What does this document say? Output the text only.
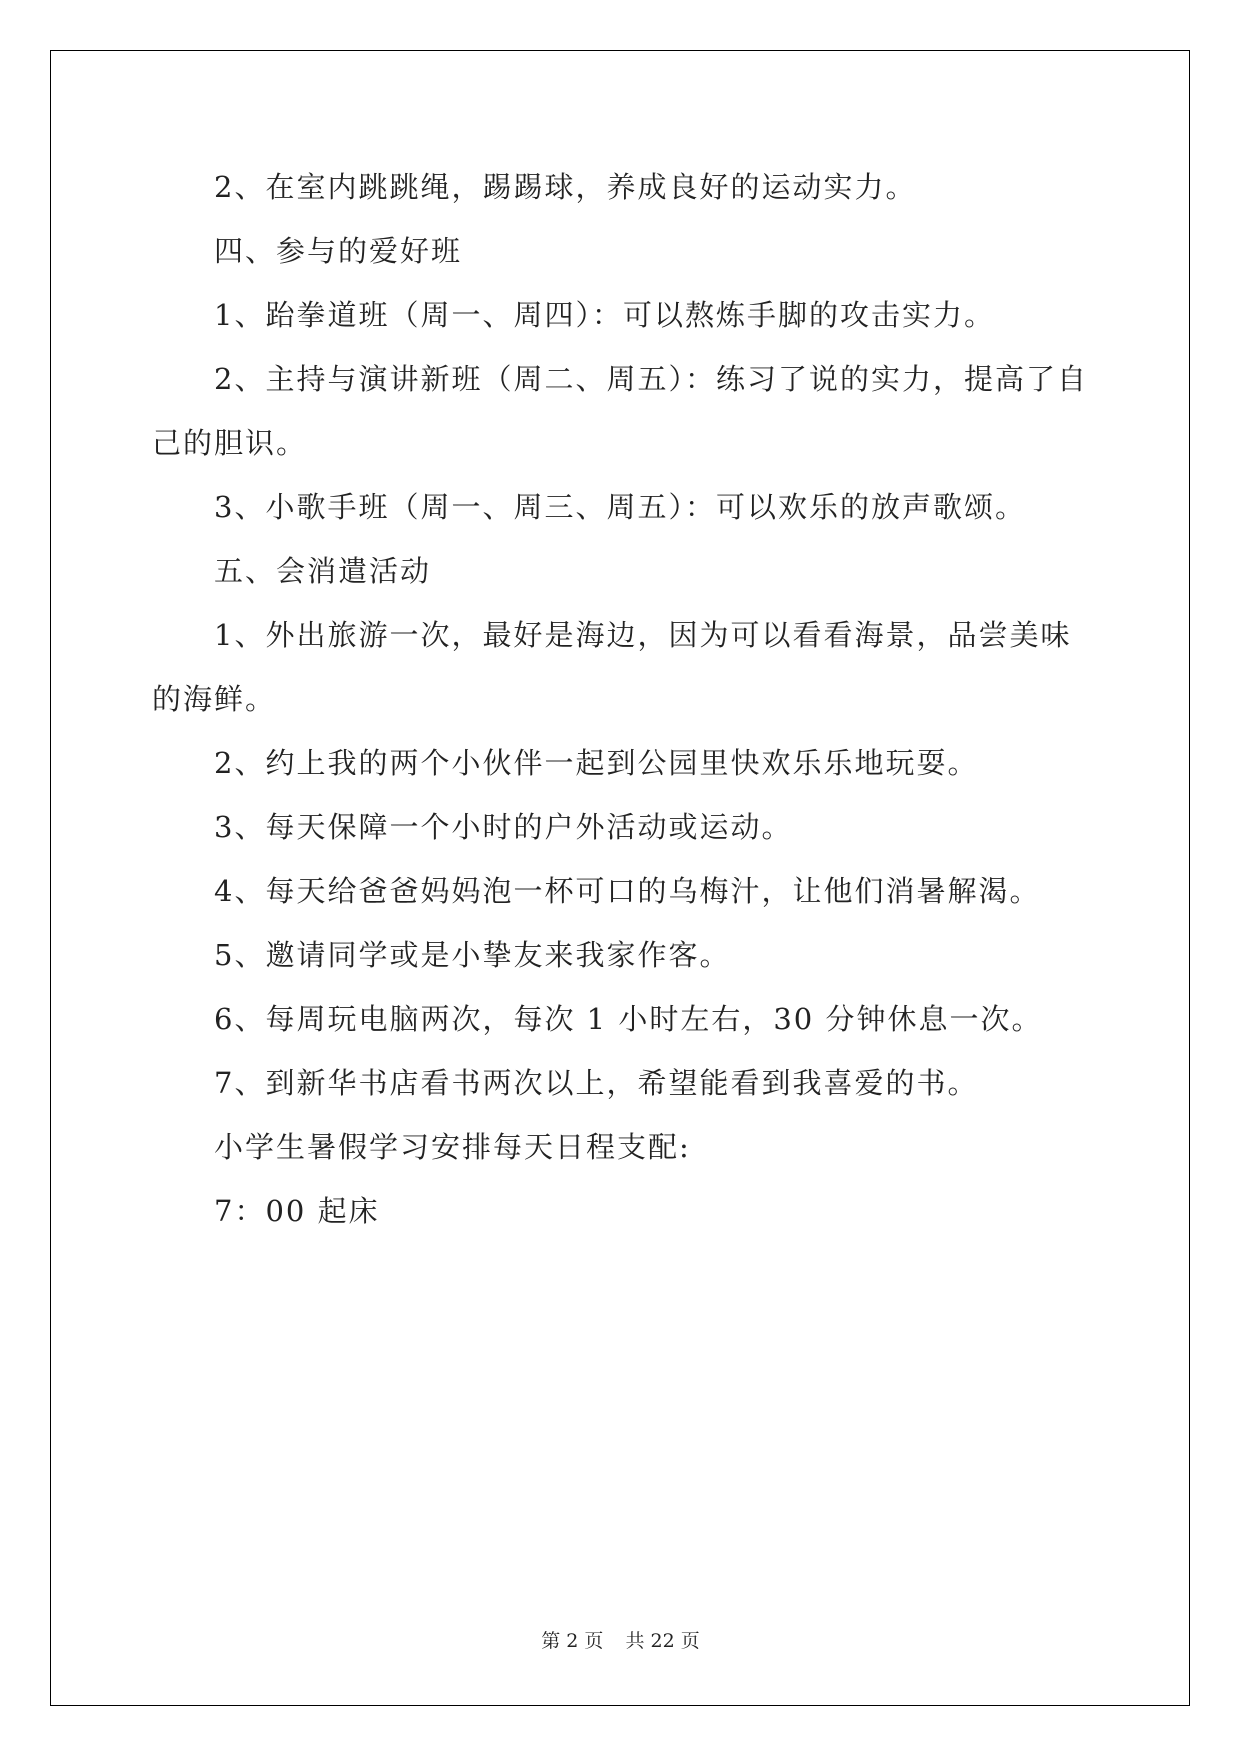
2、在室内跳跳绳，踢踢球，养成良好的运动实力。

四、参与的爱好班

1、跆拳道班（周一、周四）：可以熬炼手脚的攻击实力。

2、主持与演讲新班（周二、周五）：练习了说的实力，提高了自己的胆识。

3、小歌手班（周一、周三、周五）：可以欢乐的放声歌颂。

五、会消遣活动

1、外出旅游一次，最好是海边，因为可以看看海景，品尝美味的海鲜。

2、约上我的两个小伙伴一起到公园里快欢乐乐地玩耍。

3、每天保障一个小时的户外活动或运动。

4、每天给爸爸妈妈泡一杯可口的乌梅汁，让他们消暑解渴。

5、邀请同学或是小挚友来我家作客。

6、每周玩电脑两次，每次 1 小时左右，30 分钟休息一次。

7、到新华书店看书两次以上，希望能看到我喜爱的书。

小学生暑假学习安排每天日程支配:

7：00 起床

第 2 页 共 22 页
